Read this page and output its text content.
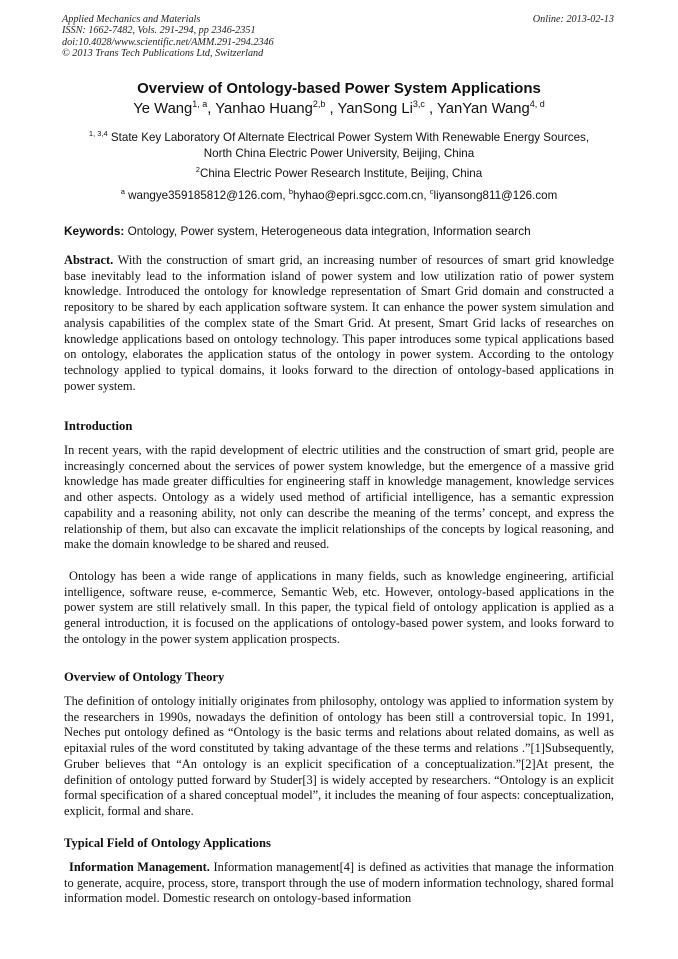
Applied Mechanics and Materials
ISSN: 1662-7482, Vols. 291-294, pp 2346-2351
doi:10.4028/www.scientific.net/AMM.291-294.2346
© 2013 Trans Tech Publications Ltd, Switzerland
Online: 2013-02-13
Overview of Ontology-based Power System Applications
Ye Wang$^{1, a}$, Yanhao Huang$^{2,b}$ , YanSong Li$^{3,c}$ , YanYan Wang$^{4, d}$
$^{1, 3,4}$ State Key Laboratory Of Alternate Electrical Power System With Renewable Energy Sources,
North China Electric Power University, Beijing, China
$^2$China Electric Power Research Institute, Beijing, China
$^a$ wangye359185812@126.com, $^b$hyhao@epri.sgcc.com.cn, $^c$liyansong811@126.com
Keywords: Ontology, Power system, Heterogeneous data integration, Information search

Abstract. With the construction of smart grid, an increasing number of resources of smart grid knowledge base inevitably lead to the information island of power system and low utilization ratio of power system knowledge. Introduced the ontology for knowledge representation of Smart Grid domain and constructed a repository to be shared by each application software system. It can enhance the power system simulation and analysis capabilities of the complex state of the Smart Grid. At present, Smart Grid lacks of researches on knowledge applications based on ontology technology. This paper introduces some typical applications based on ontology, elaborates the application status of the ontology in power system. According to the ontology technology applied to typical domains, it looks forward to the direction of ontology-based applications in power system.

Introduction

In recent years, with the rapid development of electric utilities and the construction of smart grid, people are increasingly concerned about the services of power system knowledge, but the emergence of a massive grid knowledge has made greater difficulties for engineering staff in knowledge management, knowledge services and other aspects. Ontology as a widely used method of artificial intelligence, has a semantic expression capability and a reasoning ability, not only can describe the meaning of the terms’ concept, and express the relationship of them, but also can excavate the implicit relationships of the concepts by logical reasoning, and make the domain knowledge to be shared and reused.

Ontology has been a wide range of applications in many fields, such as knowledge engineering, artificial intelligence, software reuse, e-commerce, Semantic Web, etc. However, ontology-based applications in the power system are still relatively small. In this paper, the typical field of ontology application is applied as a general introduction, it is focused on the applications of ontology-based power system, and looks forward to the ontology in the power system application prospects.

Overview of Ontology Theory

The definition of ontology initially originates from philosophy, ontology was applied to information system by the researchers in 1990s, nowadays the definition of ontology has been still a controversial topic. In 1991, Neches put ontology defined as “Ontology is the basic terms and relations about related domains, as well as epitaxial rules of the word constituted by taking advantage of the these terms and relations .”[1]Subsequently, Gruber believes that “An ontology is an explicit specification of a conceptualization.”[2]At present, the definition of ontology putted forward by Studer[3] is widely accepted by researchers. “Ontology is an explicit formal specification of a shared conceptual model”, it includes the meaning of four aspects: conceptualization, explicit, formal and share.

Typical Field of Ontology Applications

Information Management. Information management[4] is defined as activities that manage the information to generate, acquire, process, store, transport through the use of modern information technology, shared formal information model. Domestic research on ontology-based information
